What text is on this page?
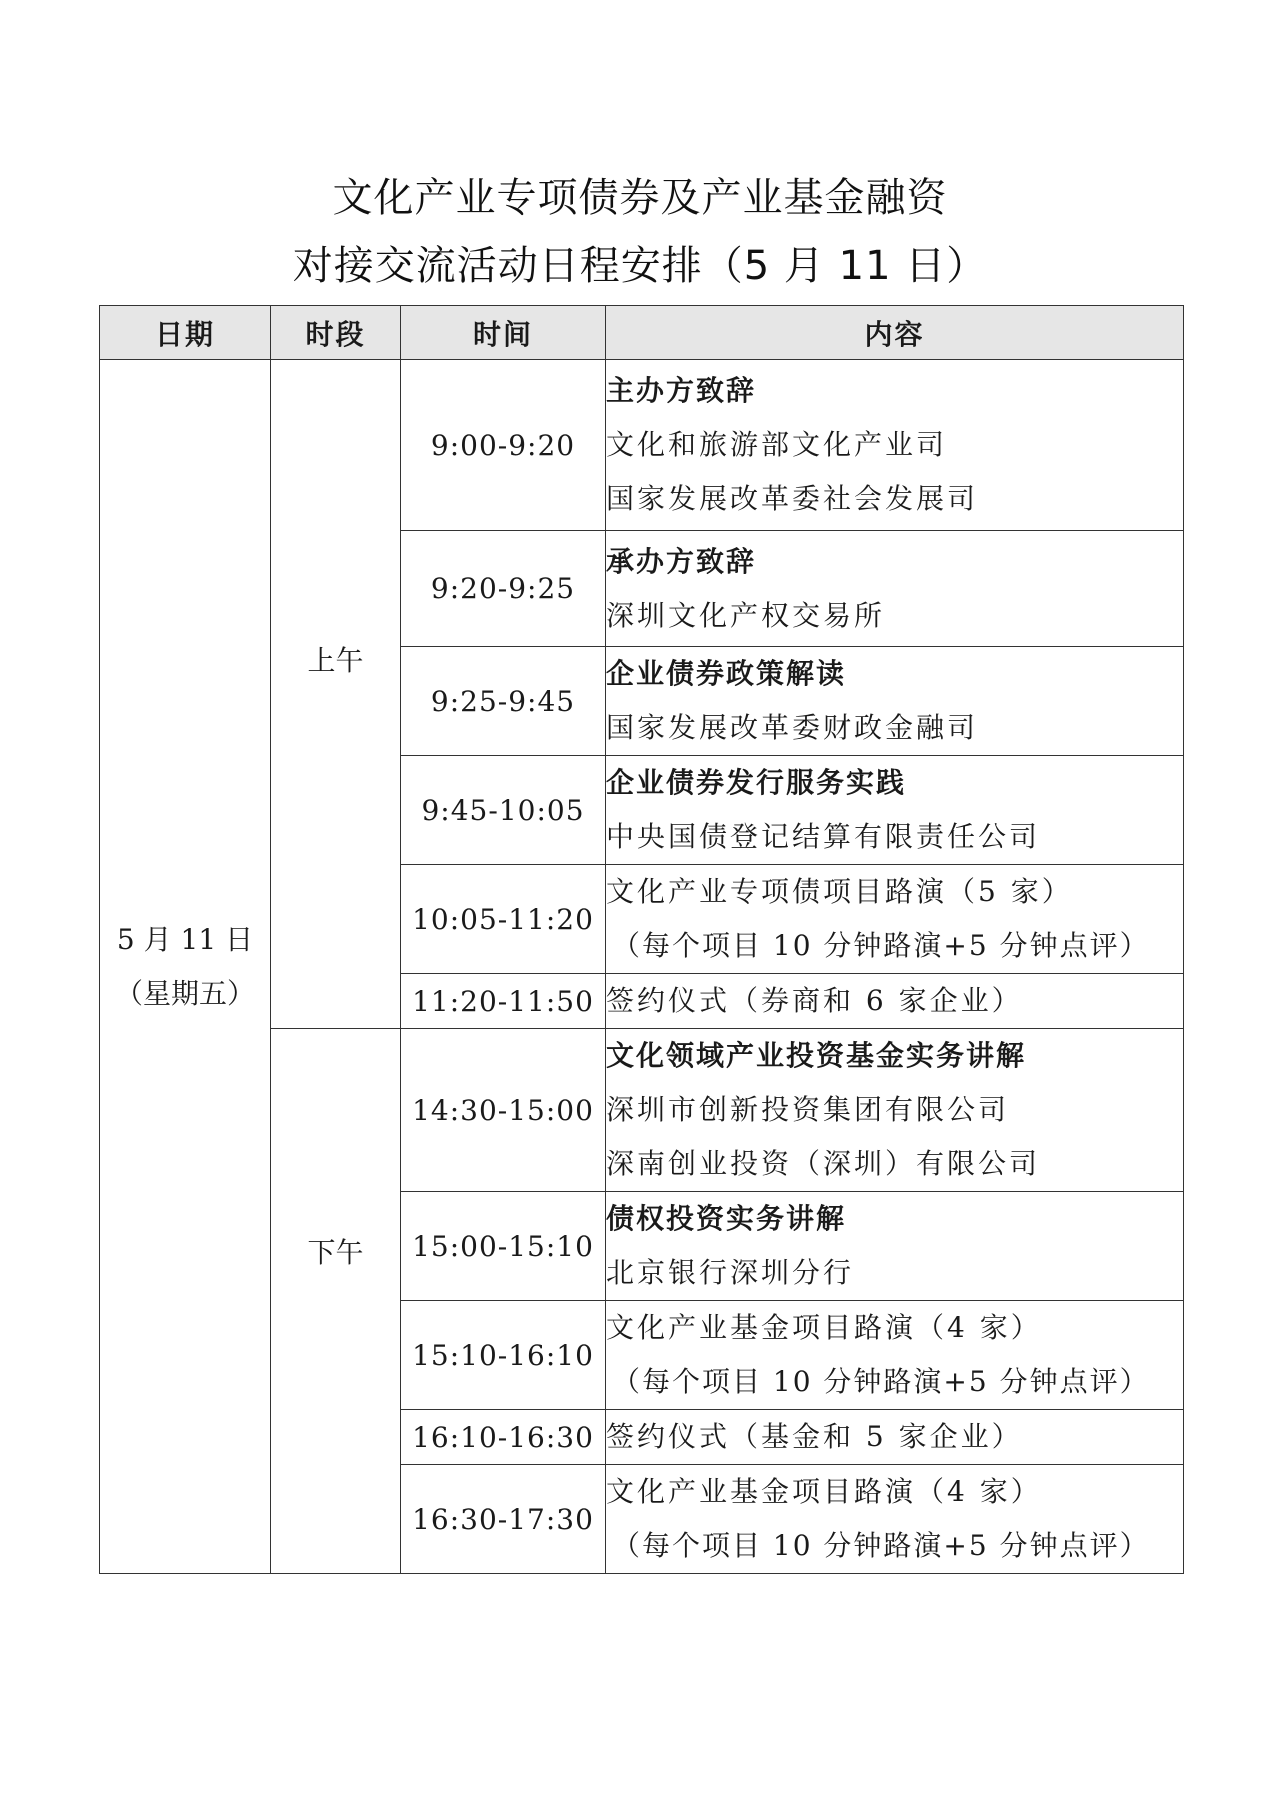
文化产业专项债券及产业基金融资
对接交流活动日程安排（5 月 11 日）
日期	时段	时间	内容

5 月 11 日
（星期五）	上午	9:00-9:20	主办方致辞
文化和旅游部文化产业司
国家发展改革委社会发展司

		9:20-9:25	承办方致辞
深圳文化产权交易所

		9:25-9:45	企业债券政策解读
国家发展改革委财政金融司

		9:45-10:05	企业债券发行服务实践
中央国债登记结算有限责任公司

		10:05-11:20	文化产业专项债项目路演（5 家）
（每个项目 10 分钟路演+5 分钟点评）

		11:20-11:50	签约仪式（券商和 6 家企业）

	下午	14:30-15:00	文化领域产业投资基金实务讲解
深圳市创新投资集团有限公司
深南创业投资（深圳）有限公司

		15:00-15:10	债权投资实务讲解
北京银行深圳分行

		15:10-16:10	文化产业基金项目路演（4 家）
（每个项目 10 分钟路演+5 分钟点评）

		16:10-16:30	签约仪式（基金和 5 家企业）

		16:30-17:30	文化产业基金项目路演（4 家）
（每个项目 10 分钟路演+5 分钟点评）
